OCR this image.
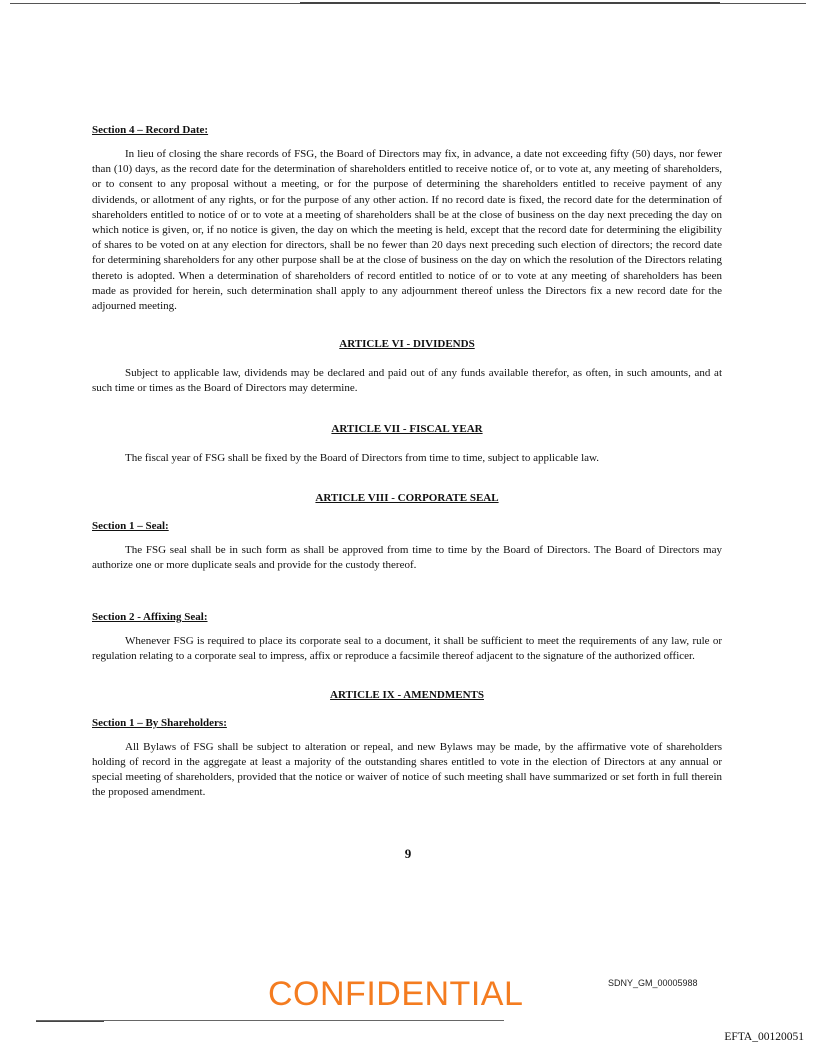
Section 4 – Record Date:

In lieu of closing the share records of FSG, the Board of Directors may fix, in advance, a date not exceeding fifty (50) days, nor fewer than (10) days, as the record date for the determination of shareholders entitled to receive notice of, or to vote at, any meeting of shareholders, or to consent to any proposal without a meeting, or for the purpose of determining the shareholders entitled to receive payment of any dividends, or allotment of any rights, or for the purpose of any other action. If no record date is fixed, the record date for the determination of shareholders entitled to notice of or to vote at a meeting of shareholders shall be at the close of business on the day next preceding the day on which notice is given, or, if no notice is given, the day on which the meeting is held, except that the record date for determining the eligibility of shares to be voted on at any election for directors, shall be no fewer than 20 days next preceding such election of directors; the record date for determining shareholders for any other purpose shall be at the close of business on the day on which the resolution of the Directors relating thereto is adopted. When a determination of shareholders of record entitled to notice of or to vote at any meeting of shareholders has been made as provided for herein, such determination shall apply to any adjournment thereof unless the Directors fix a new record date for the adjourned meeting.

ARTICLE VI - DIVIDENDS

Subject to applicable law, dividends may be declared and paid out of any funds available therefor, as often, in such amounts, and at such time or times as the Board of Directors may determine.

ARTICLE VII - FISCAL YEAR

The fiscal year of FSG shall be fixed by the Board of Directors from time to time, subject to applicable law.

ARTICLE VIII - CORPORATE SEAL
Section 1 – Seal:

The FSG seal shall be in such form as shall be approved from time to time by the Board of Directors. The Board of Directors may authorize one or more duplicate seals and provide for the custody thereof.

Section 2 - Affixing Seal:

Whenever FSG is required to place its corporate seal to a document, it shall be sufficient to meet the requirements of any law, rule or regulation relating to a corporate seal to impress, affix or reproduce a facsimile thereof adjacent to the signature of the authorized officer.

ARTICLE IX - AMENDMENTS
Section 1 – By Shareholders:

All Bylaws of FSG shall be subject to alteration or repeal, and new Bylaws may be made, by the affirmative vote of shareholders holding of record in the aggregate at least a majority of the outstanding shares entitled to vote in the election of Directors at any annual or special meeting of shareholders, provided that the notice or waiver of notice of such meeting shall have summarized or set forth in full therein the proposed amendment.

9
CONFIDENTIAL	SDNY_GM_00005988
EFTA_00120051
